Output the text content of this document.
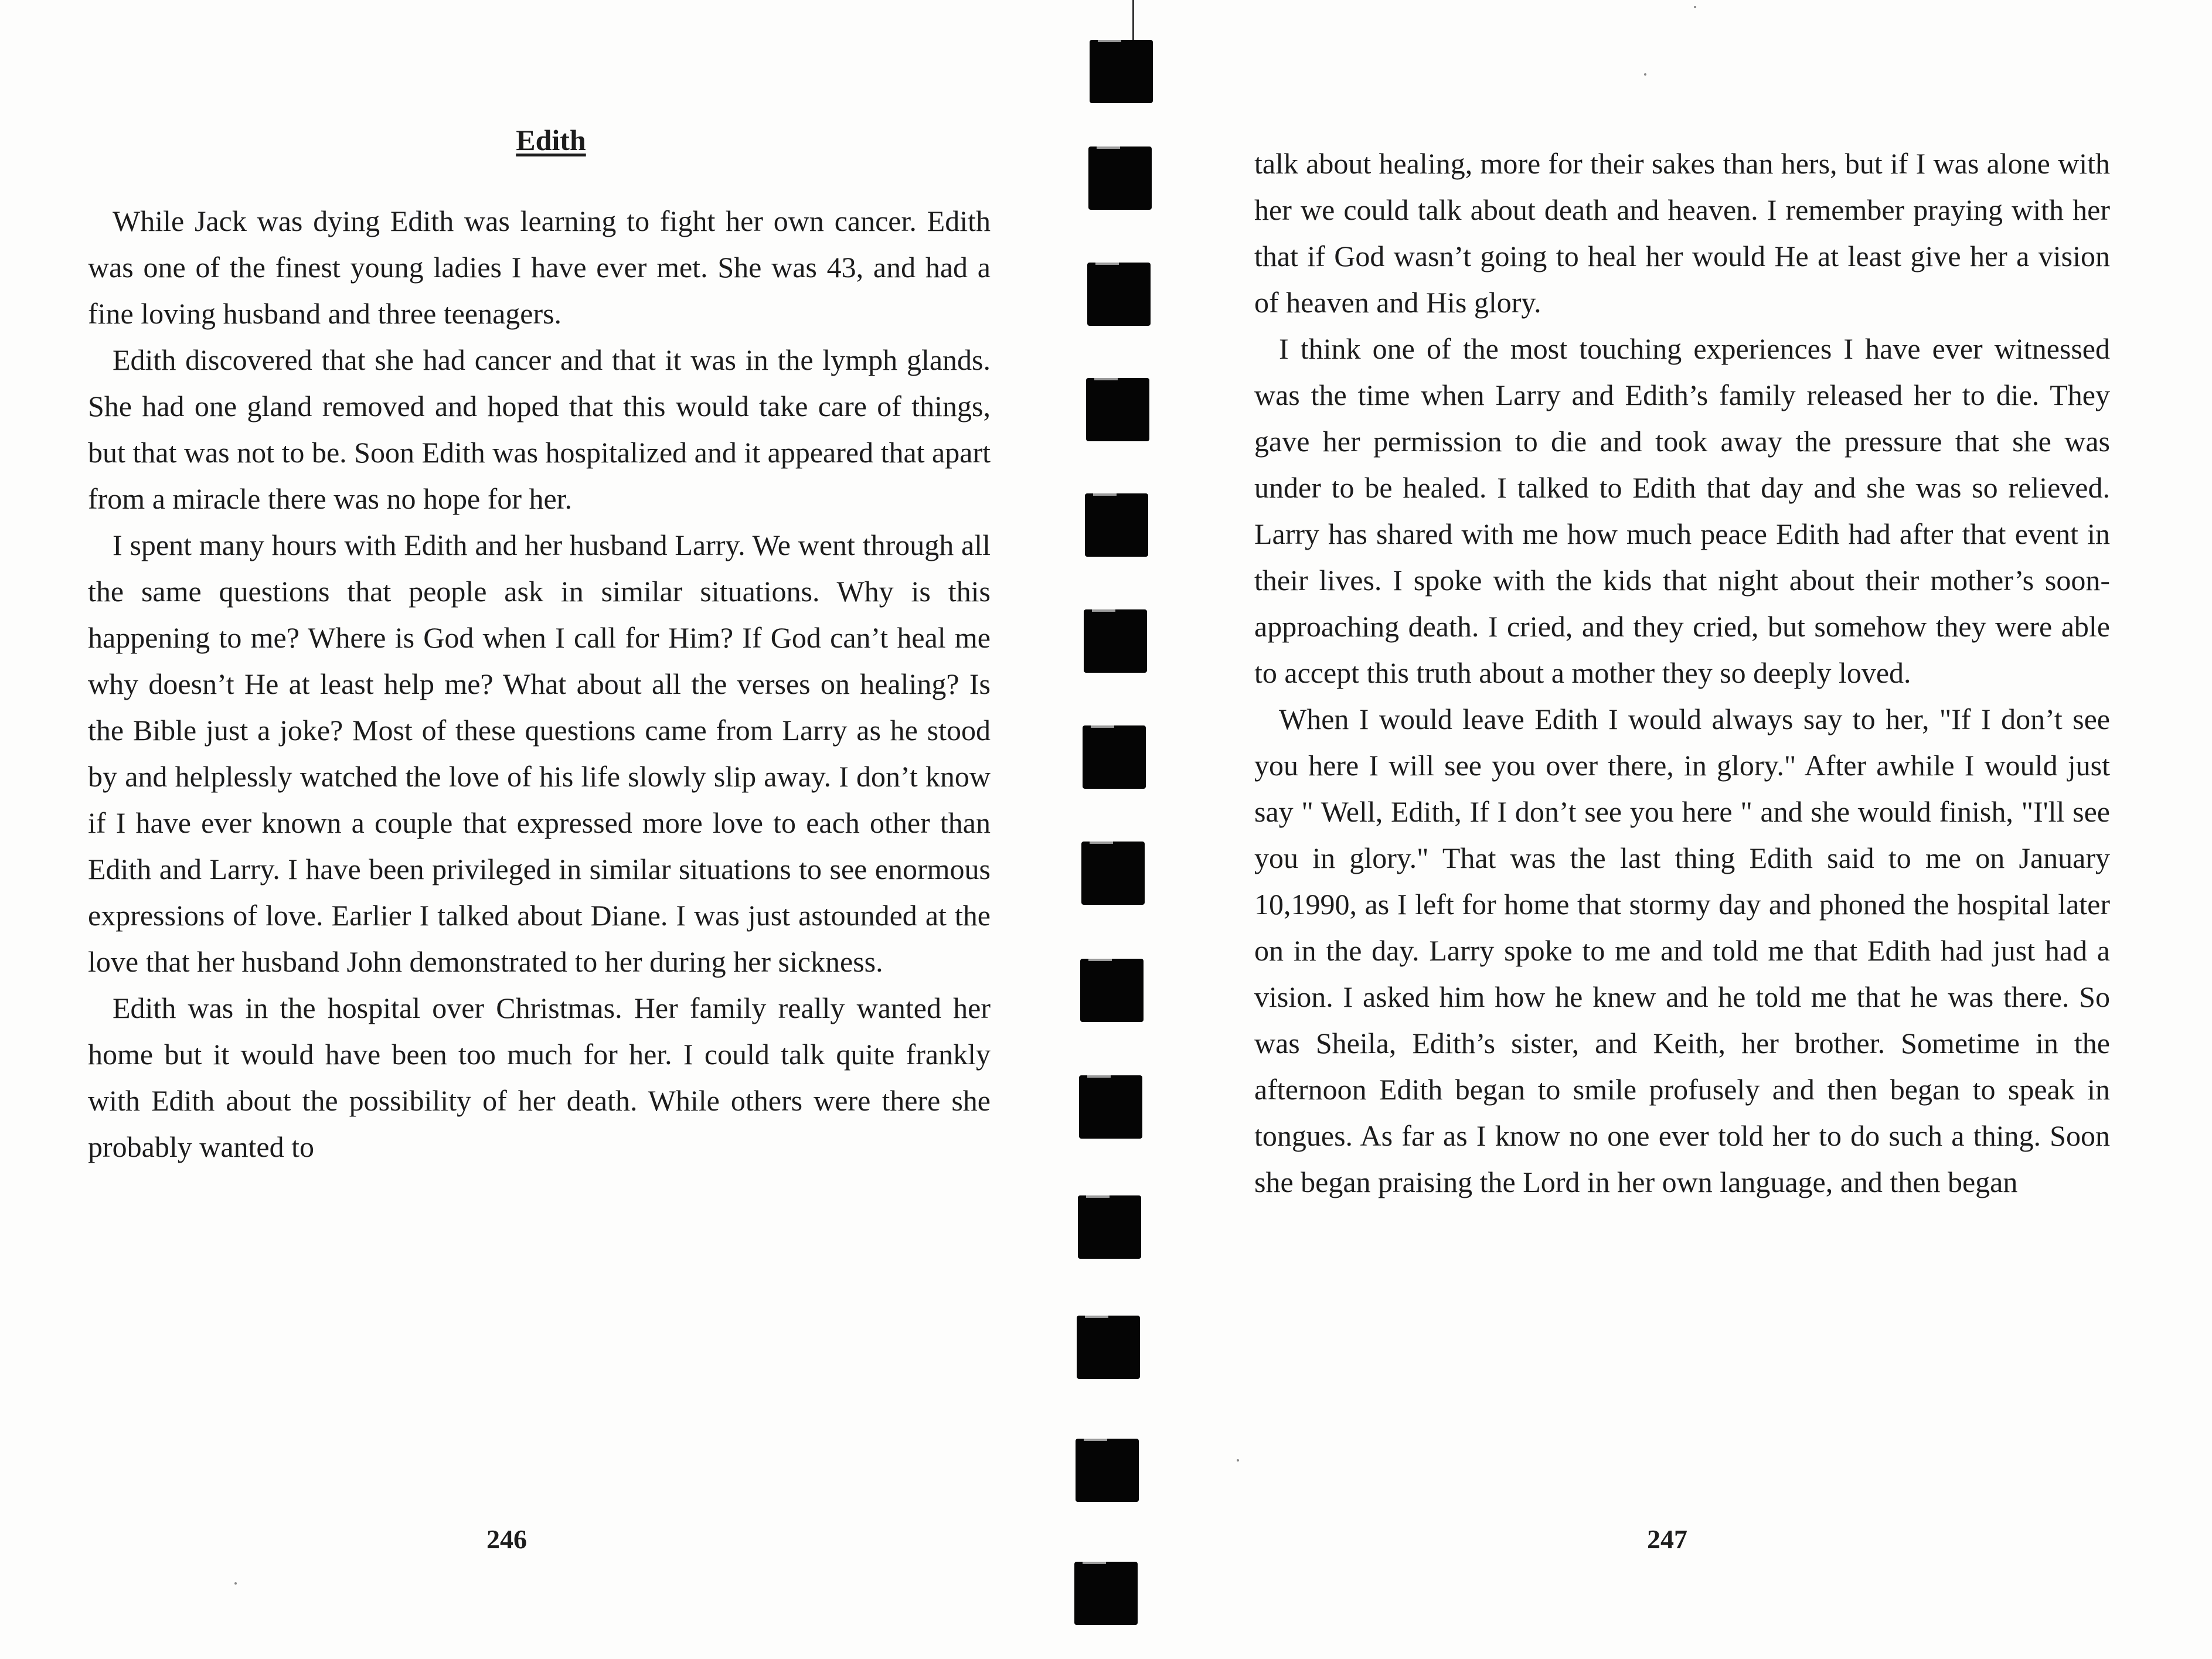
Edith

While Jack was dying Edith was learning to fight her own cancer. Edith was one of the finest young ladies I have ever met. She was 43, and had a fine loving husband and three teenagers.

Edith discovered that she had cancer and that it was in the lymph glands. She had one gland removed and hoped that this would take care of things, but that was not to be. Soon Edith was hospitalized and it appeared that apart from a miracle there was no hope for her.

I spent many hours with Edith and her husband Larry. We went through all the same questions that people ask in similar situations. Why is this happening to me? Where is God when I call for Him? If God can’t heal me why doesn’t He at least help me? What about all the verses on healing? Is the Bible just a joke? Most of these questions came from Larry as he stood by and helplessly watched the love of his life slowly slip away. I don’t know if I have ever known a couple that expressed more love to each other than Edith and Larry. I have been privileged in similar situations to see enormous expressions of love. Earlier I talked about Diane. I was just astounded at the love that her husband John demonstrated to her during her sickness.

Edith was in the hospital over Christmas. Her family really wanted her home but it would have been too much for her. I could talk quite frankly with Edith about the possibility of her death. While others were there she probably wanted to

246

talk about healing, more for their sakes than hers, but if I was alone with her we could talk about death and heaven. I remember praying with her that if God wasn’t going to heal her would He at least give her a vision of heaven and His glory.

I think one of the most touching experiences I have ever witnessed was the time when Larry and Edith’s family released her to die. They gave her permission to die and took away the pressure that she was under to be healed. I talked to Edith that day and she was so relieved. Larry has shared with me how much peace Edith had after that event in their lives. I spoke with the kids that night about their mother’s soon-approaching death. I cried, and they cried, but somehow they were able to accept this truth about a mother they so deeply loved.

When I would leave Edith I would always say to her, "If I don’t see you here I will see you over there, in glory." After awhile I would just say " Well, Edith, If I don’t see you here " and she would finish, "I'll see you in glory." That was the last thing Edith said to me on January 10,1990, as I left for home that stormy day and phoned the hospital later on in the day. Larry spoke to me and told me that Edith had just had a vision. I asked him how he knew and he told me that he was there. So was Sheila, Edith’s sister, and Keith, her brother. Sometime in the afternoon Edith began to smile profusely and then began to speak in tongues. As far as I know no one ever told her to do such a thing. Soon she began praising the Lord in her own language, and then began

247
